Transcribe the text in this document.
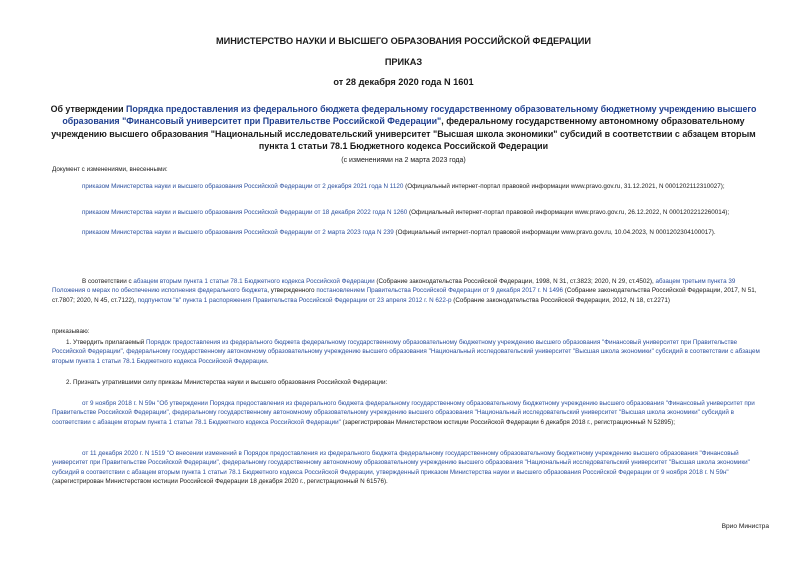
МИНИСТЕРСТВО НАУКИ И ВЫСШЕГО ОБРАЗОВАНИЯ РОССИЙСКОЙ ФЕДЕРАЦИИ
ПРИКАЗ
от 28 декабря 2020 года N 1601
Об утверждении Порядка предоставления из федерального бюджета федеральному государственному образовательному бюджетному учреждению высшего образования "Финансовый университет при Правительстве Российской Федерации", федеральному государственному автономному образовательному учреждению высшего образования "Национальный исследовательский университет "Высшая школа экономики" субсидий в соответствии с абзацем вторым пункта 1 статьи 78.1 Бюджетного кодекса Российской Федерации
(с изменениями на 2 марта 2023 года)
Документ с изменениями, внесенными:
приказом Министерства науки и высшего образования Российской Федерации от 2 декабря 2021 года N 1120 (Официальный интернет-портал правовой информации www.pravo.gov.ru, 31.12.2021, N 0001202112310027);
приказом Министерства науки и высшего образования Российской Федерации от 18 декабря 2022 года N 1260 (Официальный интернет-портал правовой информации www.pravo.gov.ru, 26.12.2022, N 0001202212260014);
приказом Министерства науки и высшего образования Российской Федерации от 2 марта 2023 года N 239 (Официальный интернет-портал правовой информации www.pravo.gov.ru, 10.04.2023, N 0001202304100017).
В соответствии с абзацем вторым пункта 1 статьи 78.1 Бюджетного кодекса Российской Федерации (Собрание законодательства Российской Федерации, 1998, N 31, ст.3823; 2020, N 29, ст.4502), абзацем третьим пункта 39 Положения о мерах по обеспечению исполнения федерального бюджета, утвержденного постановлением Правительства Российской Федерации от 9 декабря 2017 г. N 1496 (Собрание законодательства Российской Федерации, 2017, N 51, ст.7807; 2020, N 45, ст.7122), подпунктом "в" пункта 1 распоряжения Правительства Российской Федерации от 23 апреля 2012 г. N 622-р (Собрание законодательства Российской Федерации, 2012, N 18, ст.2271)
приказываю:
1. Утвердить прилагаемый Порядок предоставления из федерального бюджета федеральному государственному образовательному бюджетному учреждению высшего образования "Финансовый университет при Правительстве Российской Федерации", федеральному государственному автономному образовательному учреждению высшего образования "Национальный исследовательский университет "Высшая школа экономики" субсидий в соответствии с абзацем вторым пункта 1 статьи 78.1 Бюджетного кодекса Российской Федерации.
2. Признать утратившими силу приказы Министерства науки и высшего образования Российской Федерации:
от 9 ноября 2018 г. N 59н "Об утверждении Порядка предоставления из федерального бюджета федеральному государственному образовательному бюджетному учреждению высшего образования "Финансовый университет при Правительстве Российской Федерации", федеральному государственному автономному образовательному учреждению высшего образования "Национальный исследовательский университет "Высшая школа экономики" субсидий в соответствии с абзацем вторым пункта 1 статьи 78.1 Бюджетного кодекса Российской Федерации" (зарегистрирован Министерством юстиции Российской Федерации 6 декабря 2018 г., регистрационный N 52895);
от 11 декабря 2020 г. N 1519 "О внесении изменений в Порядок предоставления из федерального бюджета федеральному государственному образовательному бюджетному учреждению высшего образования "Финансовый университет при Правительстве Российской Федерации", федеральному государственному автономному образовательному учреждению высшего образования "Национальный исследовательский университет "Высшая школа экономики" субсидий в соответствии с абзацем вторым пункта 1 статьи 78.1 Бюджетного кодекса Российской Федерации, утвержденный приказом Министерства науки и высшего образования Российской Федерации от 9 ноября 2018 г. N 59н" (зарегистрирован Министерством юстиции Российской Федерации 18 декабря 2020 г., регистрационный N 61576).
Врио Министра
